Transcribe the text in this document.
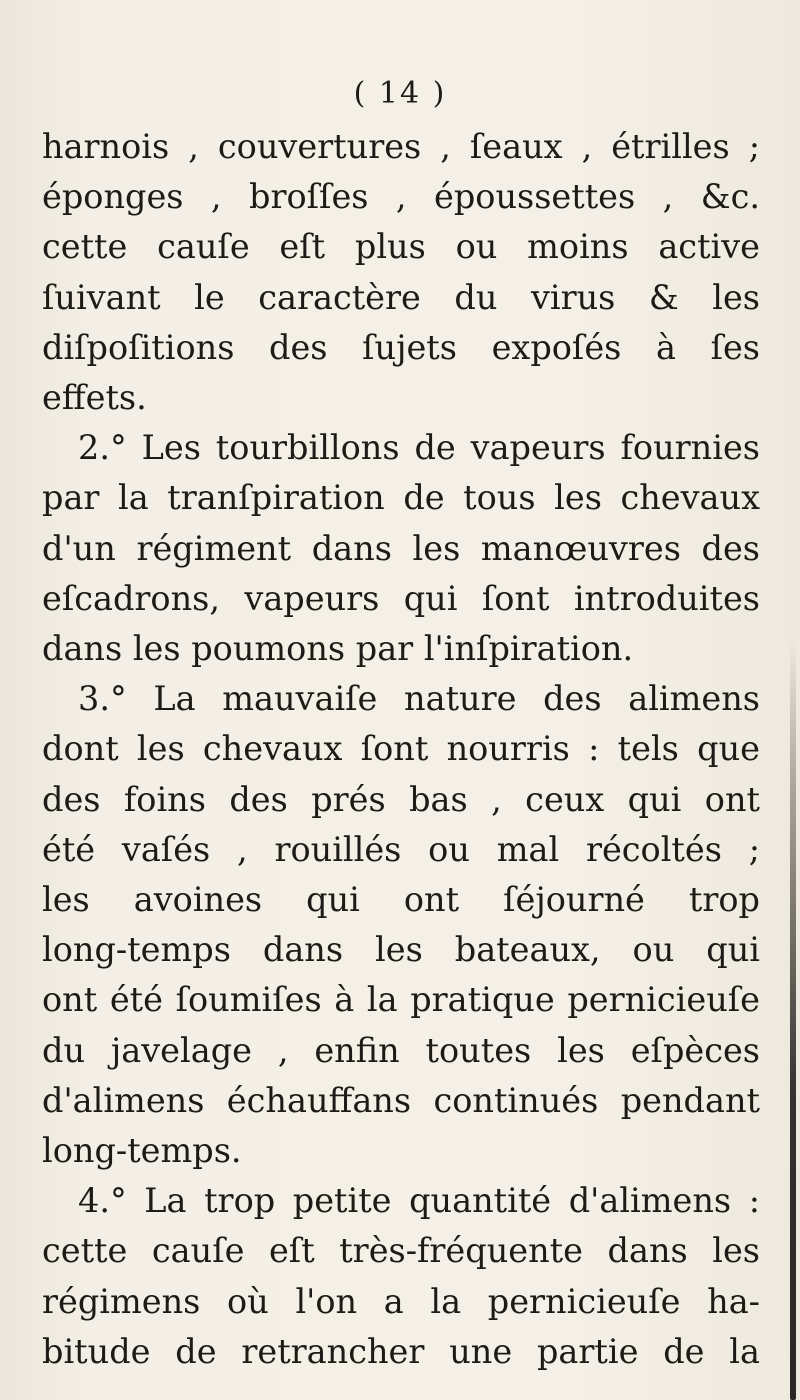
( 14 )
harnois , couvertures , ſeaux , étrilles ;
éponges , broſſes , époussettes , &c.
cette cauſe eſt plus ou moins active
ſuivant le caractère du virus & les
diſpoſitions des ſujets expoſés à ſes
effets.
2.° Les tourbillons de vapeurs fournies
par la tranſpiration de tous les chevaux
d'un régiment dans les manœuvres des
eſcadrons, vapeurs qui ſont introduites
dans les poumons par l'inſpiration.
3.° La mauvaiſe nature des alimens
dont les chevaux ſont nourris : tels que
des foins des prés bas , ceux qui ont
été vaſés , rouillés ou mal récoltés ;
les avoines qui ont ſéjourné trop
long-temps dans les bateaux, ou qui
ont été ſoumiſes à la pratique pernicieuſe
du javelage , enfin toutes les eſpèces
d'alimens échauffans continués pendant
long-temps.
4.° La trop petite quantité d'alimens :
cette cauſe eſt très-fréquente dans les
régimens où l'on a la pernicieuſe ha-
bitude de retrancher une partie de la
